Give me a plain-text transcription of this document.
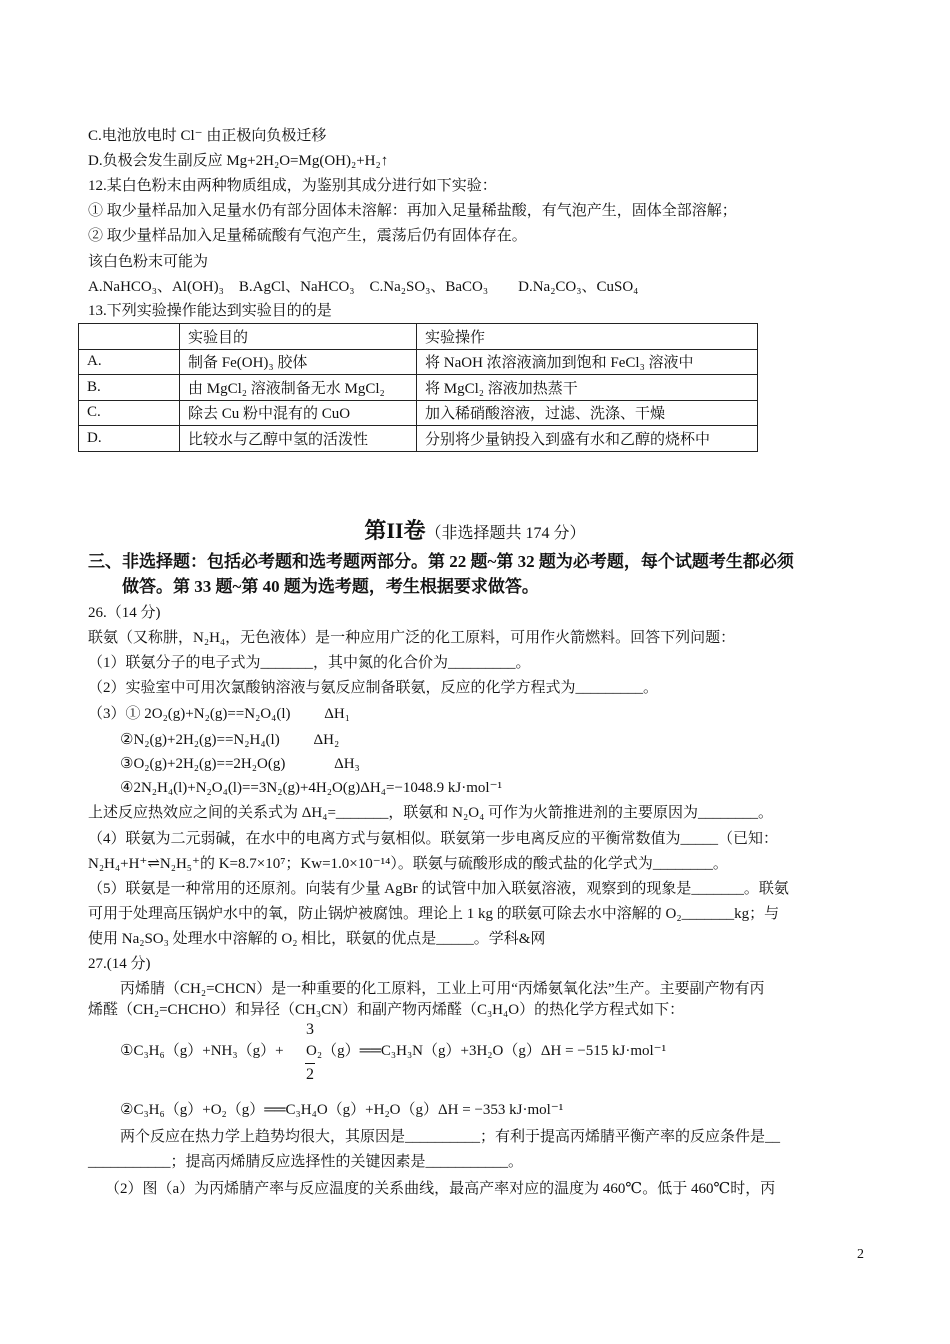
C.电池放电时 Cl⁻ 由正极向负极迁移
D.负极会发生副反应 Mg+2H₂O=Mg(OH)₂+H₂↑
12.某白色粉末由两种物质组成，为鉴别其成分进行如下实验：
① 取少量样品加入足量水仍有部分固体未溶解：再加入足量稀盐酸，有气泡产生，固体全部溶解；
② 取少量样品加入足量稀硫酸有气泡产生，震荡后仍有固体存在。
该白色粉末可能为
A.NaHCO₃、Al(OH)₃　B.AgCl、NaHCO₃　C.Na₂SO₃、BaCO₃　　D.Na₂CO₃、CuSO₄
13.下列实验操作能达到实验目的的是
	实验目的	实验操作
A.	制备 Fe(OH)₃ 胶体	将 NaOH 浓溶液滴加到饱和 FeCl₃ 溶液中
B.	由 MgCl₂ 溶液制备无水 MgCl₂	将 MgCl₂ 溶液加热蒸干
C.	除去 Cu 粉中混有的 CuO	加入稀硝酸溶液，过滤、洗涤、干燥
D.	比较水与乙醇中氢的活泼性	分别将少量钠投入到盛有水和乙醇的烧杯中
第II卷（非选择题共 174 分）
三、非选择题：包括必考题和选考题两部分。第 22 题~第 32 题为必考题，每个试题考生都必须
做答。第 33 题~第 40 题为选考题，考生根据要求做答。
26.（14 分)
联氨（又称肼，N₂H₄，无色液体）是一种应用广泛的化工原料，可用作火箭燃料。回答下列问题：
（1）联氨分子的电子式为_______，其中氮的化合价为_________。
（2）实验室中可用次氯酸钠溶液与氨反应制备联氨，反应的化学方程式为_________。
（3）① 2O₂(g)+N₂(g)==N₂O₄(l)　　 ΔH₁
②N₂(g)+2H₂(g)==N₂H₄(l)　　 ΔH₂
③O₂(g)+2H₂(g)==2H₂O(g)　　　 ΔH₃
④2N₂H₄(l)+N₂O₄(l)==3N₂(g)+4H₂O(g)ΔH₄=−1048.9 kJ·mol⁻¹
上述反应热效应之间的关系式为 ΔH₄=_______，联氨和 N₂O₄ 可作为火箭推进剂的主要原因为________。
（4）联氨为二元弱碱，在水中的电离方式与氨相似。联氨第一步电离反应的平衡常数值为_____（已知：
N₂H₄+H⁺⇌N₂H₅⁺的 K=8.7×10⁷；Kw=1.0×10⁻¹⁴）。联氨与硫酸形成的酸式盐的化学式为________。
（5）联氨是一种常用的还原剂。向装有少量 AgBr 的试管中加入联氨溶液，观察到的现象是_______。联氨
可用于处理高压锅炉水中的氧，防止锅炉被腐蚀。理论上 1 kg 的联氨可除去水中溶解的 O₂_______kg；与
使用 Na₂SO₃ 处理水中溶解的 O₂ 相比，联氨的优点是_____。学科&网
27.(14 分)
丙烯腈（CH₂=CHCN）是一种重要的化工原料，工业上可用“丙烯氨氧化法”生产。主要副产物有丙
烯醛（CH₂=CHCHO）和异径（CH₃CN）和副产物丙烯醛（C₃H₄O）的热化学方程式如下：
3
①C₃H₆（g）+NH₃（g）+ 　 O₂（g）══C₃H₃N（g）+3H₂O（g）ΔH = −515 kJ·mol⁻¹
2
②C₃H₆（g）+O₂（g）══C₃H₄O（g）+H₂O（g）ΔH = −353 kJ·mol⁻¹
两个反应在热力学上趋势均很大，其原因是__________；有利于提高丙烯腈平衡产率的反应条件是__
___________；提高丙烯腈反应选择性的关键因素是___________。
（2）图（a）为丙烯腈产率与反应温度的关系曲线，最高产率对应的温度为 460℃。低于 460℃时，丙
2
